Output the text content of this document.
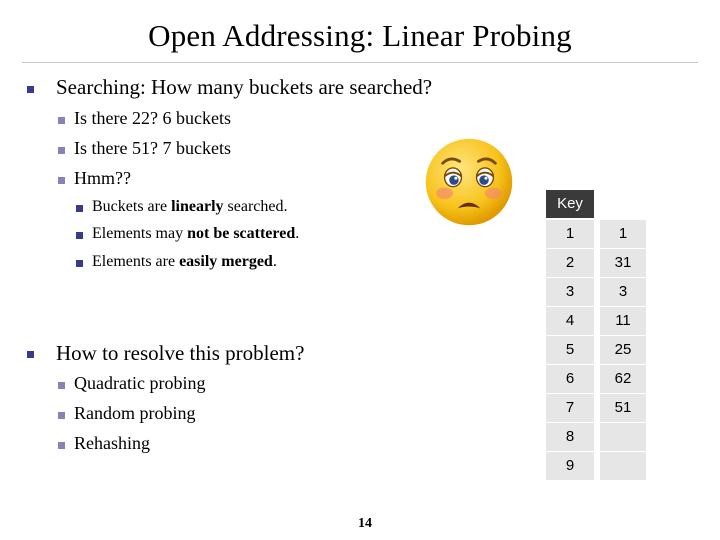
Open Addressing: Linear Probing
Searching: How many buckets are searched?
Is there 22? 6 buckets
Is there 51? 7 buckets
Hmm??
Buckets are linearly searched.
Elements may not be scattered.
Elements are easily merged.
How to resolve this problem?
Quadratic probing
Random probing
Rehashing
Key
1	1
2	31
3	3
4	11
5	25
6	62
7	51
8
9
14
